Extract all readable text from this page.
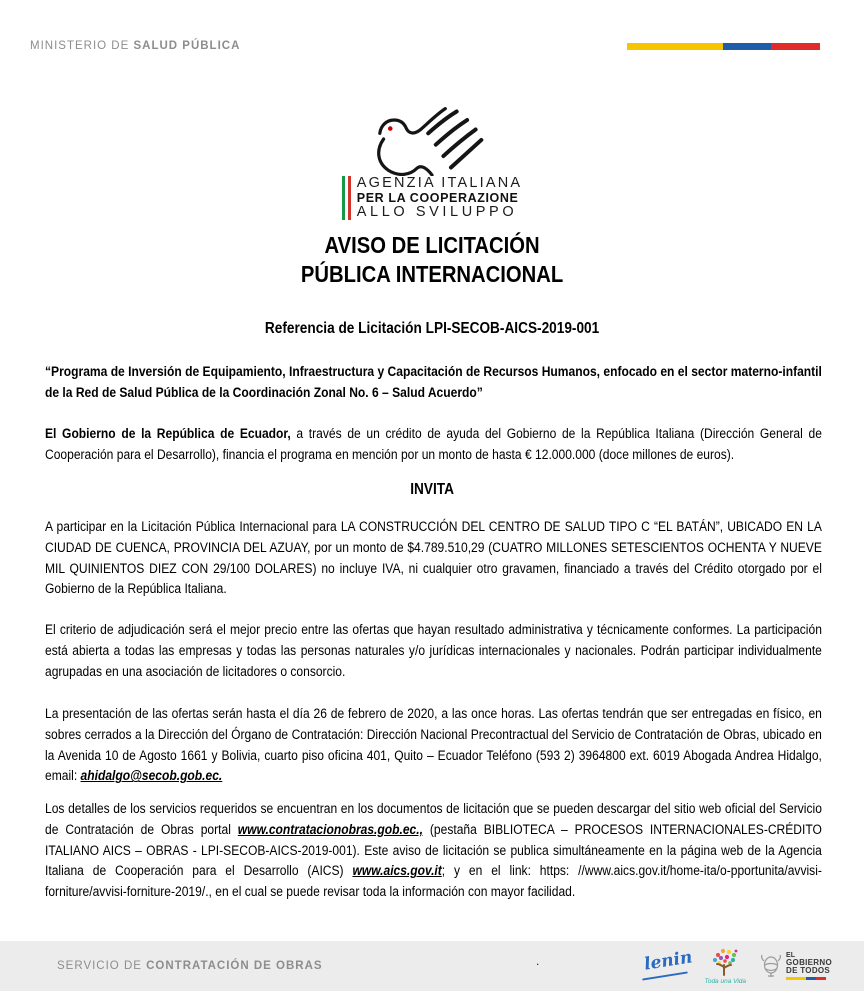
MINISTERIO DE SALUD PÚBLICA
AGENZIA ITALIANA
PER LA COOPERAZIONE
ALLO SVILUPPO
AVISO DE LICITACIÓN
PÚBLICA INTERNACIONAL
Referencia de Licitación LPI-SECOB-AICS-2019-001

“Programa de Inversión de Equipamiento, Infraestructura y Capacitación de Recursos Humanos, enfocado en el sector materno-infantil de la Red de Salud Pública de la Coordinación Zonal No. 6 – Salud Acuerdo”

El Gobierno de la República de Ecuador, a través de un crédito de ayuda del Gobierno de la República Italiana (Dirección General de Cooperación para el Desarrollo), financia el programa en mención por un monto de hasta € 12.000.000 (doce millones de euros).

INVITA

A participar en la Licitación Pública Internacional para LA CONSTRUCCIÓN DEL CENTRO DE SALUD TIPO C “EL BATÁN”, UBICADO EN LA CIUDAD DE CUENCA, PROVINCIA DEL AZUAY, por un monto de $4.789.510,29 (CUATRO MILLONES SETESCIENTOS OCHENTA Y NUEVE MIL QUINIENTOS DIEZ CON 29/100 DOLARES) no incluye IVA, ni cualquier otro gravamen, financiado a través del Crédito otorgado por el Gobierno de la República Italiana.

El criterio de adjudicación será el mejor precio entre las ofertas que hayan resultado administrativa y técnicamente conformes. La participación está abierta a todas las empresas y todas las personas naturales y/o jurídicas internacionales y nacionales. Podrán participar individualmente agrupadas en una asociación de licitadores o consorcio.

La presentación de las ofertas serán hasta el día 26 de febrero de 2020, a las once horas. Las ofertas tendrán que ser entregadas en físico, en sobres cerrados a la Dirección del Órgano de Contratación: Dirección Nacional Precontractual del Servicio de Contratación de Obras, ubicado en la Avenida 10 de Agosto 1661 y Bolivia, cuarto piso oficina 401, Quito – Ecuador Teléfono (593 2) 3964800 ext. 6019 Abogada Andrea Hidalgo, email: ahidalgo@secob.gob.ec.

Los detalles de los servicios requeridos se encuentran en los documentos de licitación que se pueden descargar del sitio web oficial del Servicio de Contratación de Obras portal www.contratacionobras.gob.ec., (pestaña BIBLIOTECA – PROCESOS INTERNACIONALES-CRÉDITO ITALIANO AICS – OBRAS - LPI-SECOB-AICS-2019-001). Este aviso de licitación se publica simultáneamente en la página web de la Agencia Italiana de Cooperación para el Desarrollo (AICS) www.aics.gov.it; y en el link: https: //www.aics.gov.it/home-ita/o-pportunita/avvisi-forniture/avvisi-forniture-2019/., en el cual se puede revisar toda la información con mayor facilidad.

SERVICIO DE CONTRATACIÓN DE OBRAS	.	lenin
Toda una Vida
EL
GOBIERNO
DE TODOS
